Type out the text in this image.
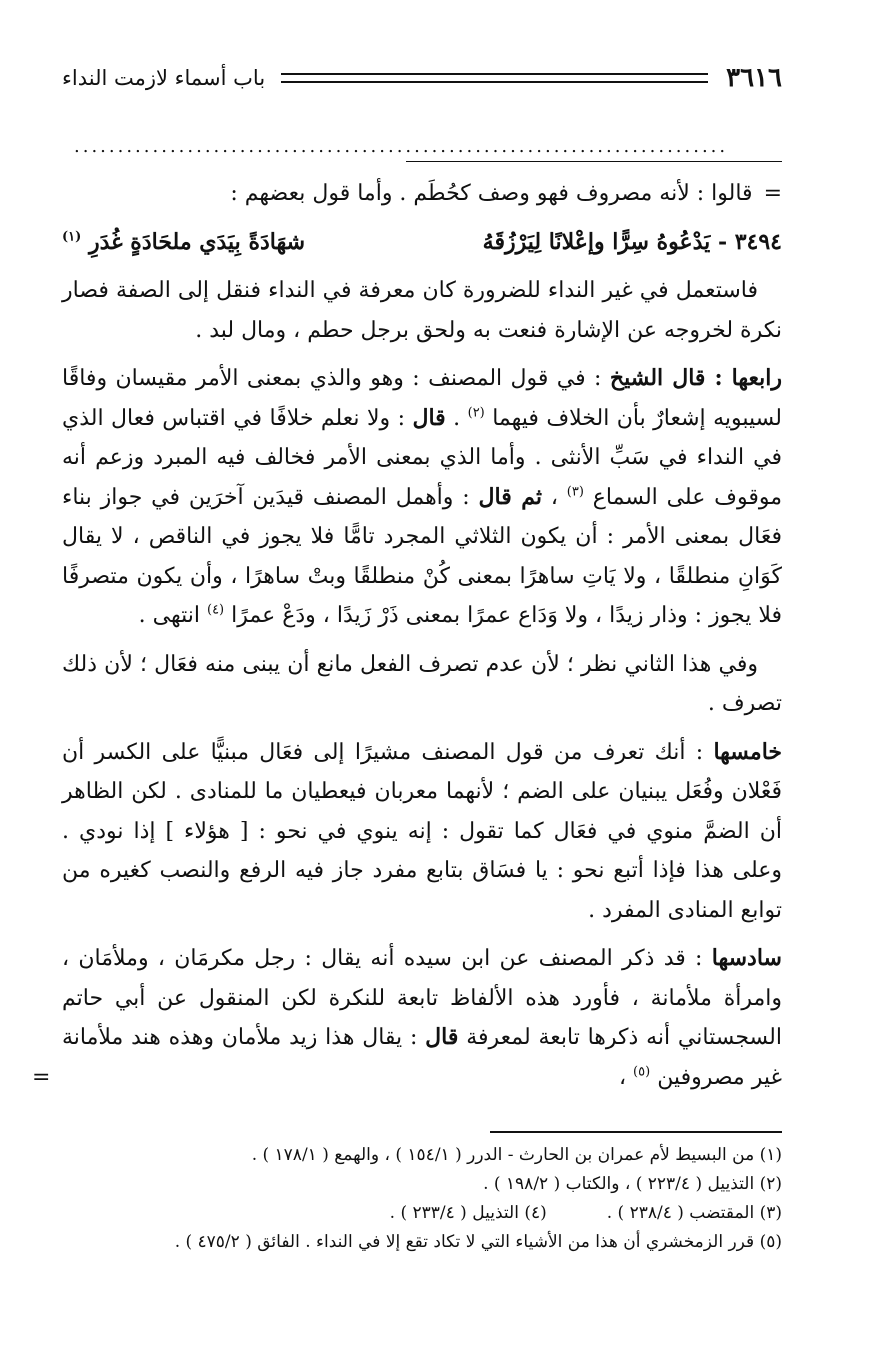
٣٦١٦
باب أسماء لازمت النداء
...........................................................................

= قالوا : لأنه مصروف فهو وصف كحُطَم . وأما قول بعضهم :

٣٤٩٤ - يَدْعُوهُ سِرًّا وإعْلانًا لِيَرْزُقَهُ
شهَادَةً بِيَدَي ملحَادَةٍ غُدَرِ $^{(١)}$

فاستعمل في غير النداء للضرورة كان معرفة في النداء فنقل إلى الصفة فصار نكرة لخروجه عن الإشارة فنعت به ولحق برجل حطم ، ومال لبد .

رابعها : قال الشيخ : في قول المصنف : وهو والذي بمعنى الأمر مقيسان وفاقًا لسيبويه إشعارٌ بأن الخلاف فيهما $^{(٢)}$ . قال : ولا نعلم خلافًا في اقتباس فعال الذي في النداء في سَبِّ الأنثى . وأما الذي بمعنى الأمر فخالف فيه المبرد وزعم أنه موقوف على السماع $^{(٣)}$ ، ثم قال : وأهمل المصنف قيدَين آخرَين في جواز بناء فعَال بمعنى الأمر : أن يكون الثلاثي المجرد تامًّا فلا يجوز في الناقص ، لا يقال كَوَانِ منطلقًا ، ولا يَاتِ ساهرًا بمعنى كُنْ منطلقًا وبتْ ساهرًا ، وأن يكون متصرفًا فلا يجوز : وذار زيدًا ، ولا وَدَاع عمرًا بمعنى ذَرْ زَيدًا ، ودَعْ عمرًا $^{(٤)}$ انتهى .

وفي هذا الثاني نظر ؛ لأن عدم تصرف الفعل مانع أن يبنى منه فعَال ؛ لأن ذلك تصرف .

خامسها : أنك تعرف من قول المصنف مشيرًا إلى فعَال مبنيًّا على الكسر أن فَعْلان وفُعَل يبنيان على الضم ؛ لأنهما معربان فيعطيان ما للمنادى . لكن الظاهر أن الضمَّ منوي في فعَال كما تقول : إنه ينوي في نحو : [ هؤلاء ] إذا نودي . وعلى هذا فإذا أتبع نحو : يا فسَاق بتابع مفرد جاز فيه الرفع والنصب كغيره من توابع المنادى المفرد .

سادسها : قد ذكر المصنف عن ابن سيده أنه يقال : رجل مكرمَان ، وملأمَان ، وامرأة ملأمانة ، فأورد هذه الألفاظ تابعة للنكرة لكن المنقول عن أبي حاتم السجستاني أنه ذكرها تابعة لمعرفة قال : يقال هذا زيد ملأمان وهذه هند ملأمانة غير مصروفين $^{(٥)}$ ،
=

(١) من البسيط لأم عمران بن الحارث - الدرر ( ١٥٤/١ ) ، والهمع ( ١٧٨/١ ) .
(٢) التذييل ( ٢٢٣/٤ ) ، والكتاب ( ١٩٨/٢ ) .
(٣) المقتضب ( ٢٣٨/٤ ) .
(٤) التذييل ( ٢٣٣/٤ ) .
(٥) قرر الزمخشري أن هذا من الأشياء التي لا تكاد تقع إلا في النداء . الفائق ( ٤٧٥/٢ ) .
